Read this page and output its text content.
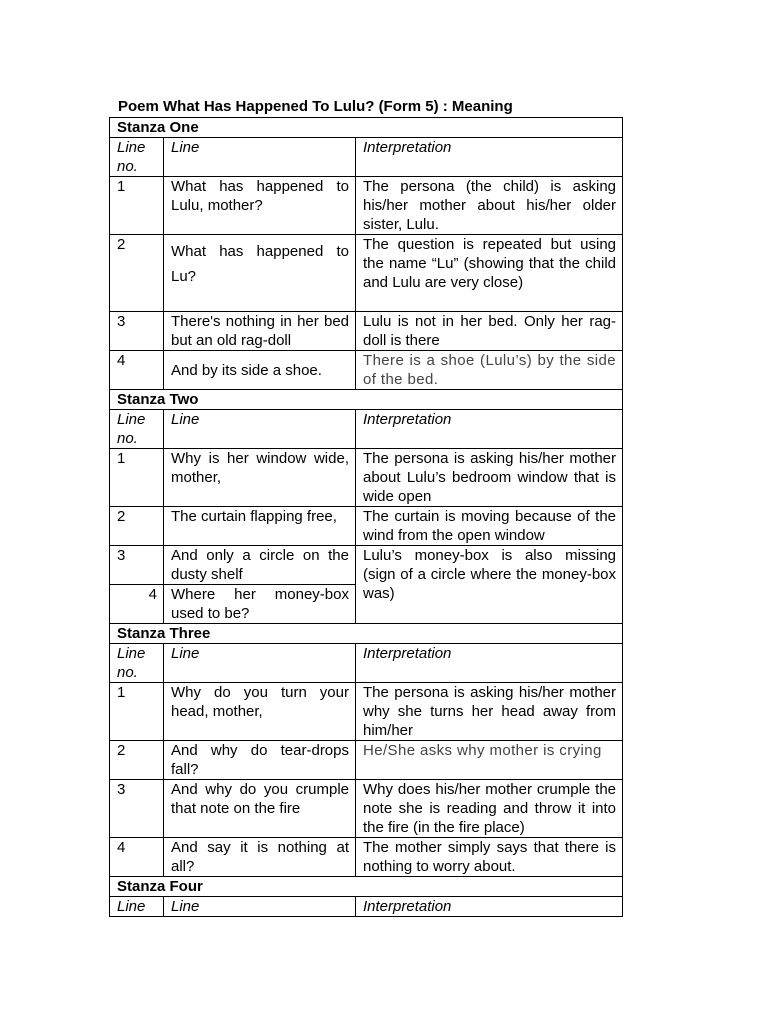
Poem What Has Happened To Lulu? (Form 5) : Meaning

Stanza One		
Line no.	Line	Interpretation
1	What has happened to Lulu, mother?	The persona (the child) is asking his/her mother about his/her older sister, Lulu.
2	What has happened to Lu?	The question is repeated but using the name “Lu” (showing that the child and Lulu are very close)
3	There's nothing in her bed but an old rag-doll	Lulu is not in her bed. Only her rag-doll is there
4	And by its side a shoe.	There is a shoe (Lulu’s) by the side of the bed.
Stanza Two		
Line no.	Line	Interpretation
1	Why is her window wide, mother,	The persona is asking his/her mother about Lulu’s bedroom window that is wide open
2	The curtain flapping free,	The curtain is moving because of the wind from the open window
3	And only a circle on the dusty shelf	Lulu’s money-box is also missing (sign of a circle where the money-box was)
4	Where her money-box used to be?	
Stanza Three		
Line no.	Line	Interpretation
1	Why do you turn your head, mother,	The persona is asking his/her mother why she turns her head away from him/her
2	And why do tear-drops fall?	He/She asks why mother is crying
3	And why do you crumple that note on the fire	Why does his/her mother crumple the note she is reading and throw it into the fire (in the fire place)
4	And say it is nothing at all?	The mother simply says that there is nothing to worry about.
Stanza Four		
Line	Line	Interpretation
